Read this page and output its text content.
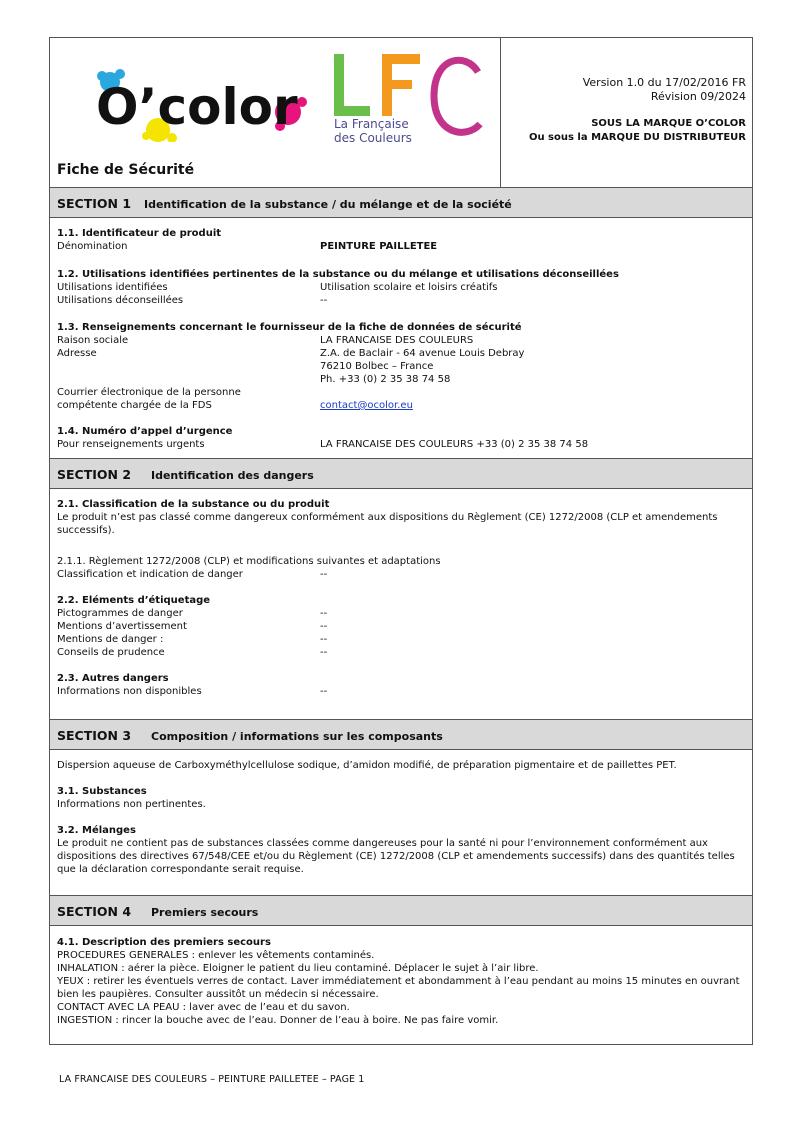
O’color	La Française
des Couleurs
Fiche de Sécurité
Version 1.0 du 17/02/2016 FR
Révision 09/2024
SOUS LA MARQUE O’COLOR
Ou sous la MARQUE DU DISTRIBUTEUR
SECTION 1 Identification de la substance / du mélange et de la société
1.1. Identificateur de produit
Dénomination	PEINTURE PAILLETEE
1.2. Utilisations identifiées pertinentes de la substance ou du mélange et utilisations déconseillées
Utilisations identifiées	Utilisation scolaire et loisirs créatifs
Utilisations déconseillées	--
1.3. Renseignements concernant le fournisseur de la fiche de données de sécurité
Raison sociale	LA FRANCAISE DES COULEURS
Adresse	Z.A. de Baclair - 64 avenue Louis Debray
76210 Bolbec – France
Ph. +33 (0) 2 35 38 74 58
Courrier électronique de la personne
compétente chargée de la FDS	contact@ocolor.eu
1.4. Numéro d’appel d’urgence
Pour renseignements urgents	LA FRANCAISE DES COULEURS +33 (0) 2 35 38 74 58
SECTION 2 Identification des dangers
2.1. Classification de la substance ou du produit
Le produit n’est pas classé comme dangereux conformément aux dispositions du Règlement (CE) 1272/2008 (CLP et amendements successifs).
2.1.1. Règlement 1272/2008 (CLP) et modifications suivantes et adaptations
Classification et indication de danger	--
2.2. Eléments d’étiquetage
Pictogrammes de danger	--
Mentions d’avertissement	--
Mentions de danger :	--
Conseils de prudence	--
2.3. Autres dangers
Informations non disponibles	--
SECTION 3 Composition / informations sur les composants
Dispersion aqueuse de Carboxyméthylcellulose sodique, d’amidon modifié, de préparation pigmentaire et de paillettes PET.
3.1. Substances
Informations non pertinentes.
3.2. Mélanges
Le produit ne contient pas de substances classées comme dangereuses pour la santé ni pour l’environnement conformément aux dispositions des directives 67/548/CEE et/ou du Règlement (CE) 1272/2008 (CLP et amendements successifs) dans des quantités telles que la déclaration correspondante serait requise.
SECTION 4 Premiers secours
4.1. Description des premiers secours
PROCEDURES GENERALES : enlever les vêtements contaminés.
INHALATION : aérer la pièce. Eloigner le patient du lieu contaminé. Déplacer le sujet à l’air libre.
YEUX : retirer les éventuels verres de contact. Laver immédiatement et abondamment à l’eau pendant au moins 15 minutes en ouvrant bien les paupières. Consulter aussitôt un médecin si nécessaire.
CONTACT AVEC LA PEAU : laver avec de l’eau et du savon.
INGESTION : rincer la bouche avec de l’eau. Donner de l’eau à boire. Ne pas faire vomir.
LA FRANCAISE DES COULEURS – PEINTURE PAILLETEE – PAGE 1
